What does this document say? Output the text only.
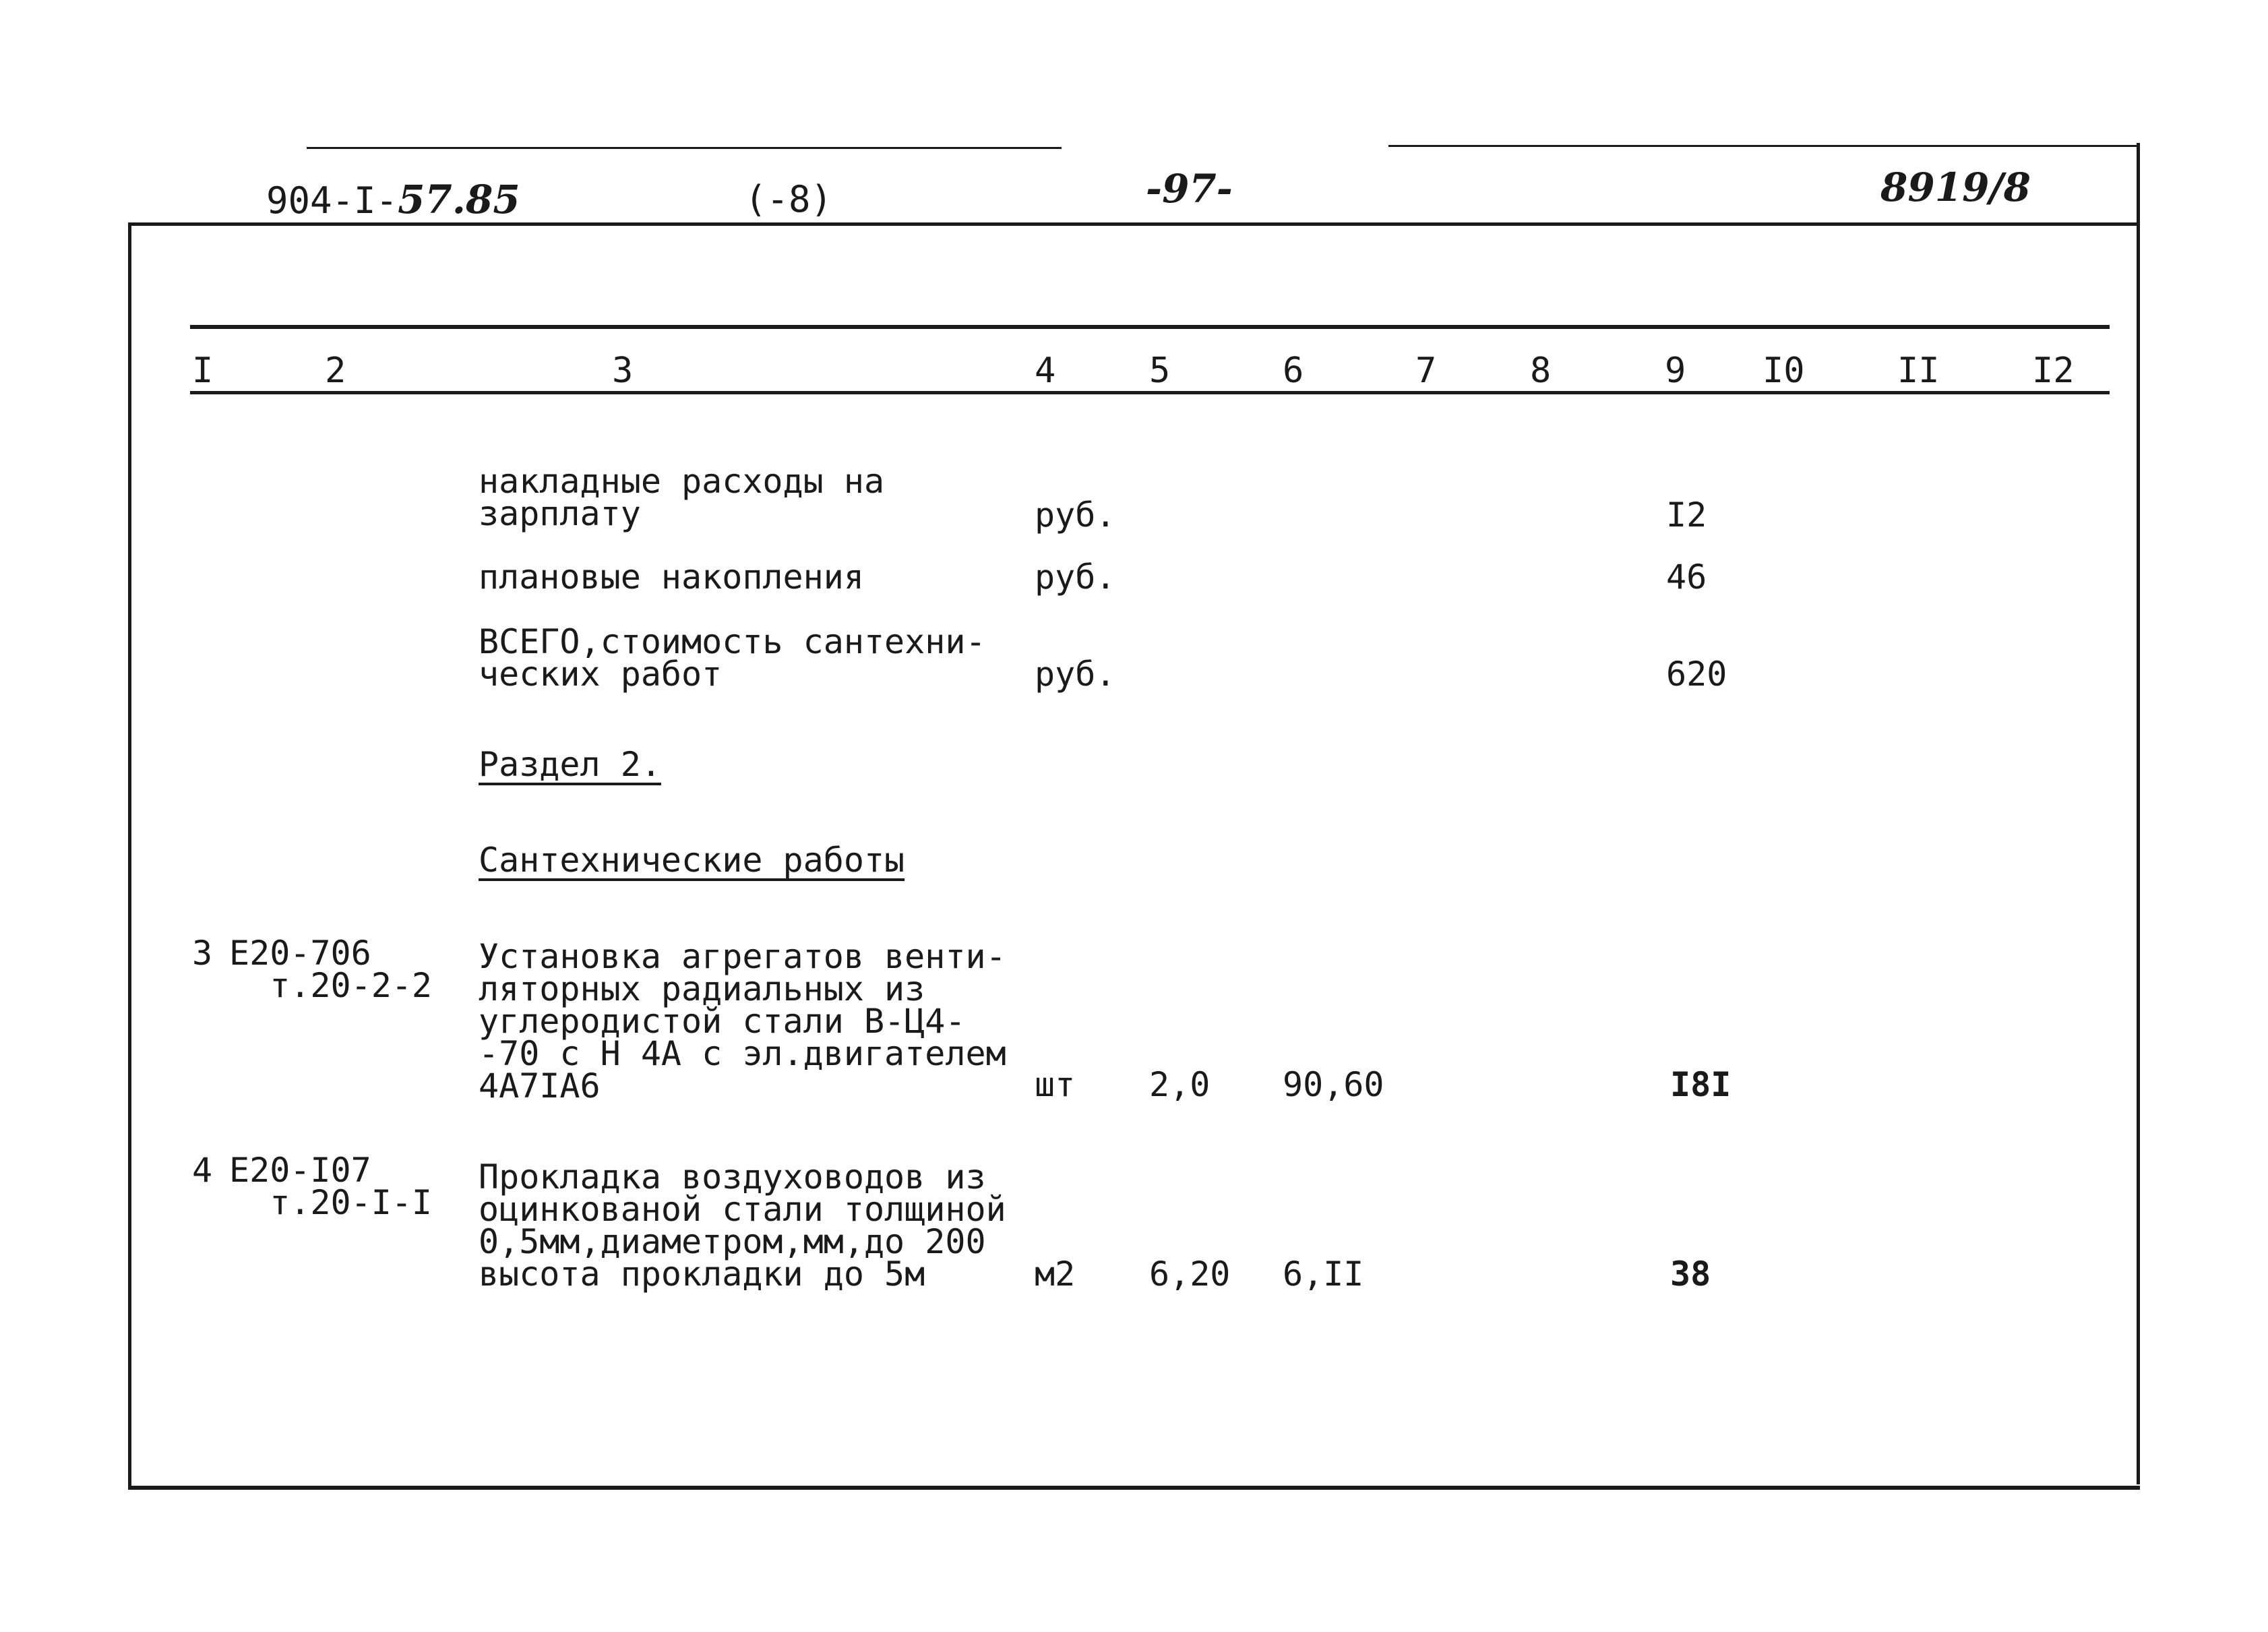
904-I-57.85	(-8)	-97-	8919/8
I	2	3	4	5	6	7	8	9 I0	II	I2
накладные расходы на
зарплату	руб.	I2
плановые накопления	руб.	46
ВСЕГО,стоимость сантехни-
ческих работ	руб.	620
Раздел 2.
Сантехнические работы
3 Е20-706
т.20-2-2
Установка агрегатов венти-
ляторных радиальных из
углеродистой стали В-Ц4-
-70 с Н 4А с эл.двигателем
4А7IА6	шт 2,0 90,60	I8I
4 Е20-I07
т.20-I-I
Прокладка воздуховодов из
оцинкованой стали толщиной
0,5мм,диаметром,мм,до 200
высота прокладки до 5м	м2 6,20 6,II	38
